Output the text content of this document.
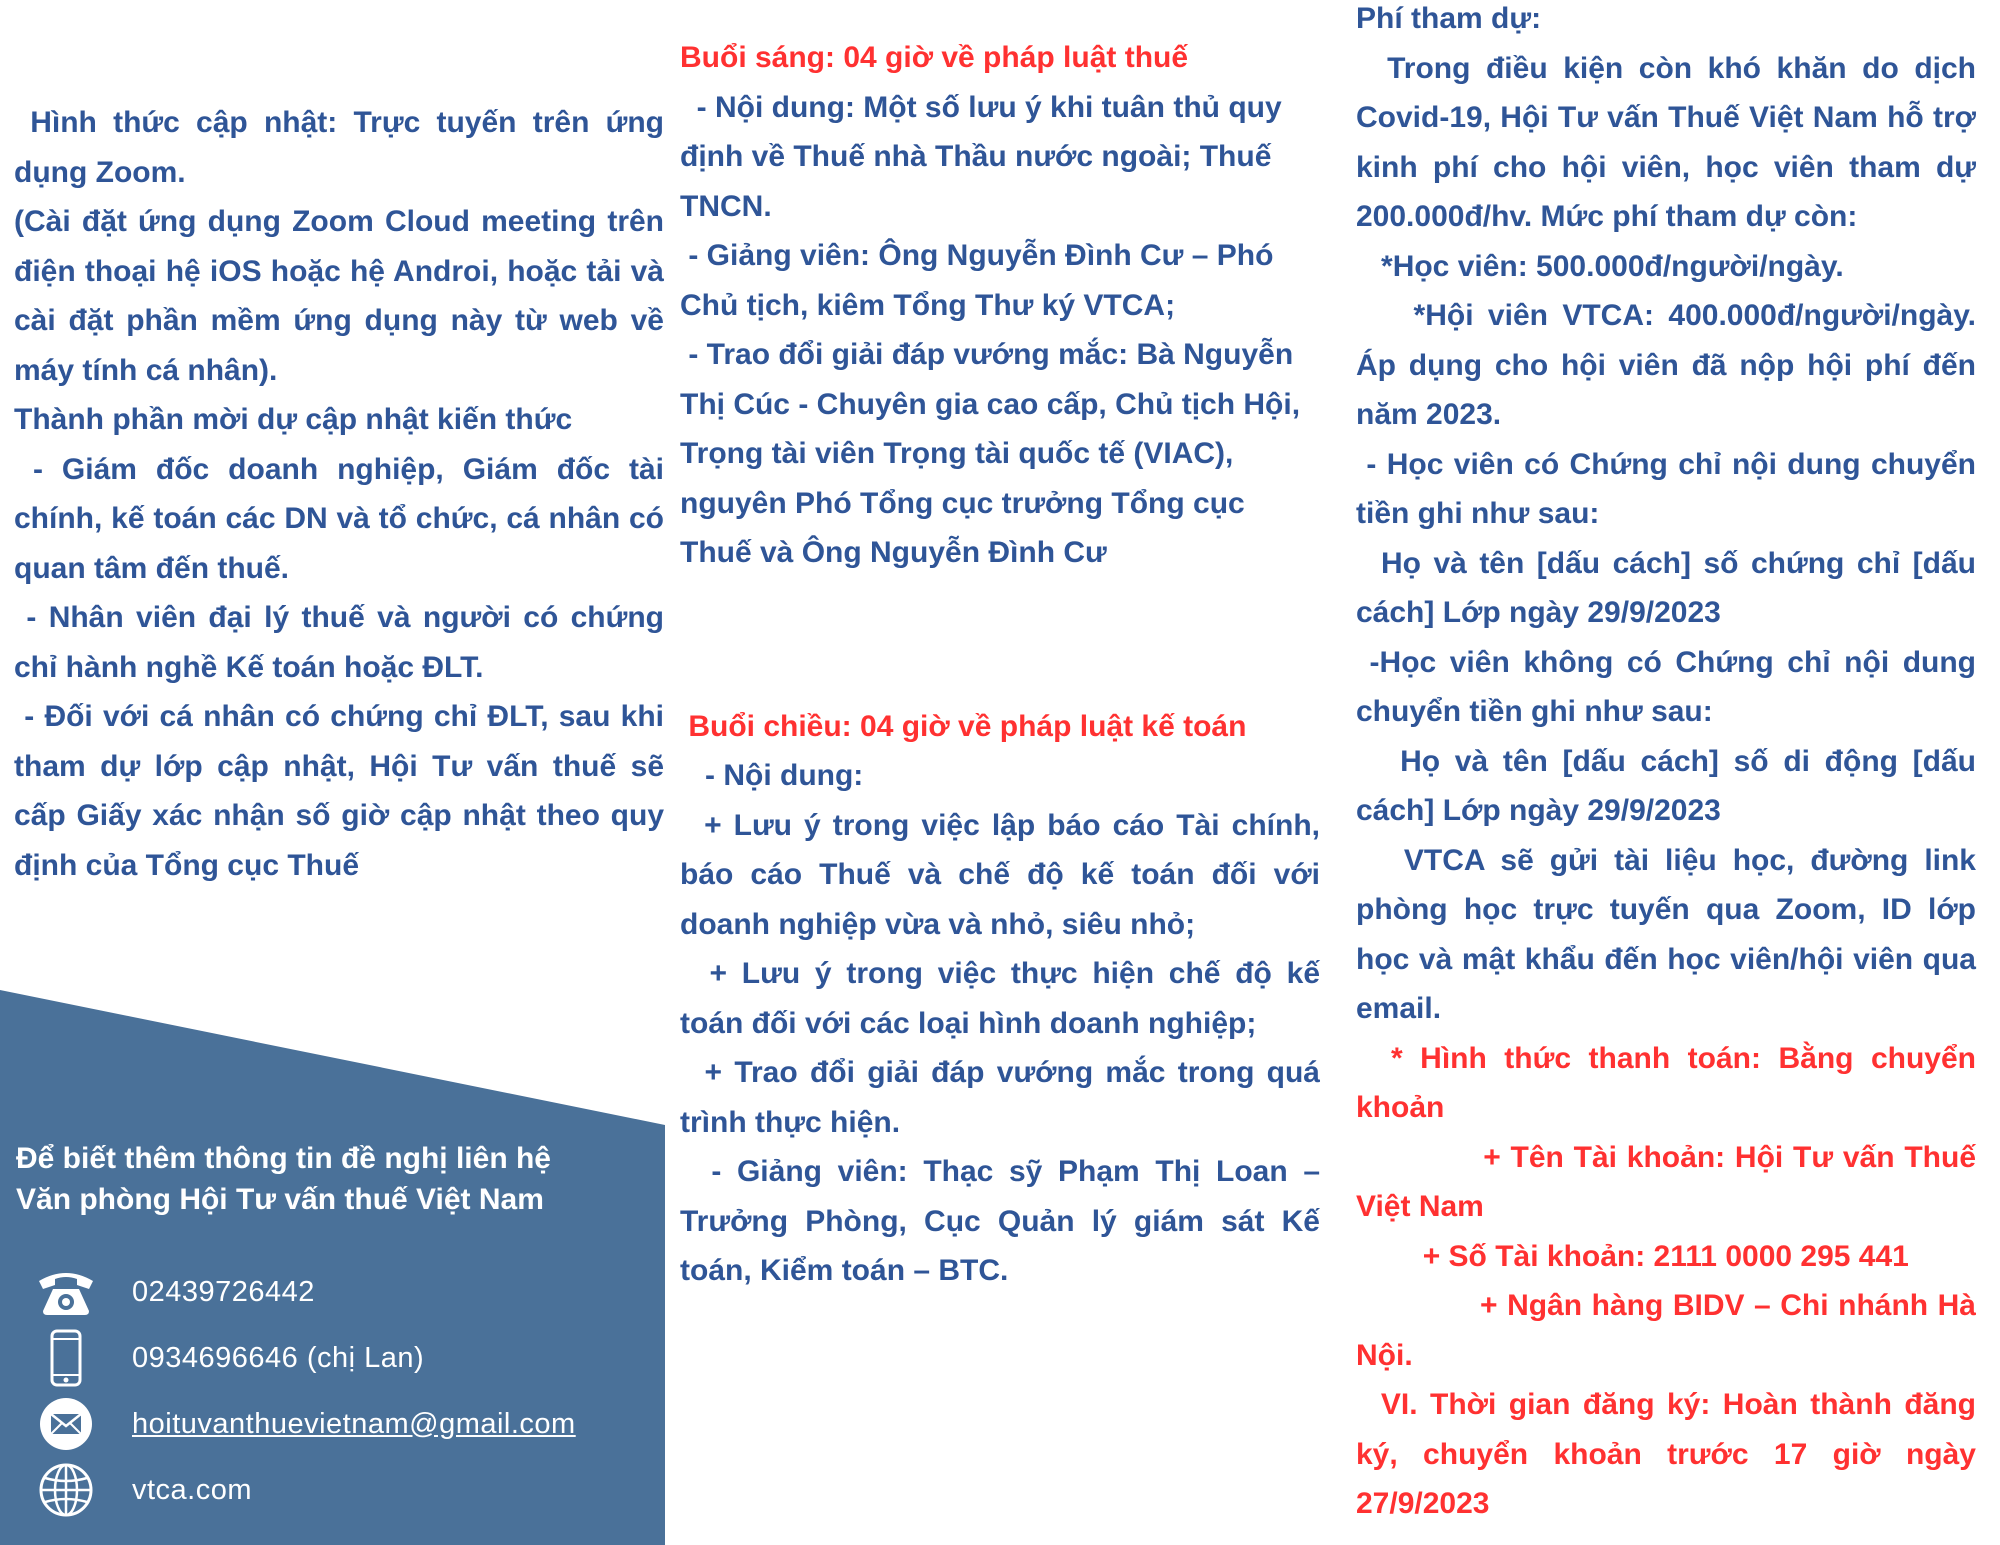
Hình thức cập nhật: Trực tuyến trên ứng dụng Zoom.

(Cài đặt ứng dụng Zoom Cloud meeting trên điện thoại hệ iOS hoặc hệ Androi, hoặc tải và cài đặt phần mềm ứng dụng này từ web về máy tính cá nhân).

Thành phần mời dự cập nhật kiến thức

- Giám đốc doanh nghiệp, Giám đốc tài chính, kế toán các DN và tổ chức, cá nhân có quan tâm đến thuế.

- Nhân viên đại lý thuế và người có chứng chỉ hành nghề Kế toán hoặc ĐLT.

- Đối với cá nhân có chứng chỉ ĐLT, sau khi tham dự lớp cập nhật, Hội Tư vấn thuế sẽ cấp Giấy xác nhận số giờ cập nhật theo quy định của Tổng cục Thuế

Buổi sáng: 04 giờ về pháp luật thuế

- Nội dung: Một số lưu ý khi tuân thủ quy định về Thuế nhà Thầu nước ngoài; Thuế TNCN.

- Giảng viên: Ông Nguyễn Đình Cư – Phó Chủ tịch, kiêm Tổng Thư ký VTCA;

- Trao đổi giải đáp vướng mắc: Bà Nguyễn Thị Cúc - Chuyên gia cao cấp, Chủ tịch Hội, Trọng tài viên Trọng tài quốc tế (VIAC), nguyên Phó Tổng cục trưởng Tổng cục Thuế và Ông Nguyễn Đình Cư

Buổi chiều: 04 giờ về pháp luật kế toán

- Nội dung:

+ Lưu ý trong việc lập báo cáo Tài chính, báo cáo Thuế và chế độ kế toán đối với doanh nghiệp vừa và nhỏ, siêu nhỏ;

+ Lưu ý trong việc thực hiện chế độ kế toán đối với các loại hình doanh nghiệp;

+ Trao đổi giải đáp vướng mắc trong quá trình thực hiện.

- Giảng viên: Thạc sỹ Phạm Thị Loan – Trưởng Phòng, Cục Quản lý giám sát Kế toán, Kiểm toán – BTC.

Phí tham dự:

Trong điều kiện còn khó khăn do dịch Covid-19, Hội Tư vấn Thuế Việt Nam hỗ trợ kinh phí cho hội viên, học viên tham dự 200.000đ/hv. Mức phí tham dự còn:

*Học viên: 500.000đ/người/ngày.

*Hội viên VTCA: 400.000đ/người/ngày. Áp dụng cho hội viên đã nộp hội phí đến năm 2023.

- Học viên có Chứng chỉ nội dung chuyển tiền ghi như sau:

Họ và tên [dấu cách] số chứng chỉ [dấu cách] Lớp ngày 29/9/2023

-Học viên không có Chứng chỉ nội dung chuyển tiền ghi như sau:

Họ và tên [dấu cách] số di động [dấu cách] Lớp ngày 29/9/2023

VTCA sẽ gửi tài liệu học, đường link phòng học trực tuyến qua Zoom, ID lớp học và mật khẩu đến học viên/hội viên qua email.

* Hình thức thanh toán: Bằng chuyển khoản

+ Tên Tài khoản: Hội Tư vấn Thuế Việt Nam

+ Số Tài khoản: 2111 0000 295 441

+ Ngân hàng BIDV – Chi nhánh Hà Nội.

VI. Thời gian đăng ký: Hoàn thành đăng ký, chuyển khoản trước 17 giờ ngày 27/9/2023

Để biết thêm thông tin đề nghị liên hệ

Văn phòng Hội Tư vấn thuế Việt Nam

02439726442
0934696646 (chị Lan)
hoituvanthuevietnam@gmail.com
vtca.com
